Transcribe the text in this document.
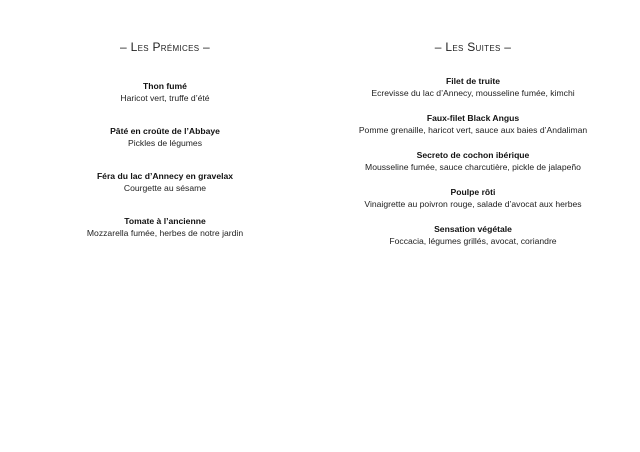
– Les Prémices –
Thon fumé
Haricot vert, truffe d’été
Pâté en croûte de l’Abbaye
Pickles de légumes
Féra du lac d’Annecy en gravelax
Courgette au sésame
Tomate à l’ancienne
Mozzarella fumée, herbes de notre jardin
– Les Suites –
Filet de truite
Ecrevisse du lac d’Annecy, mousseline fumée, kimchi
Faux-filet Black Angus
Pomme grenaille, haricot vert, sauce aux baies d’Andaliman
Secreto de cochon ibérique
Mousseline fumée, sauce charcutière, pickle de jalapeño
Poulpe rôti
Vinaigrette au poivron rouge, salade d’avocat aux herbes
Sensation végétale
Foccacia, légumes grillés, avocat, coriandre
